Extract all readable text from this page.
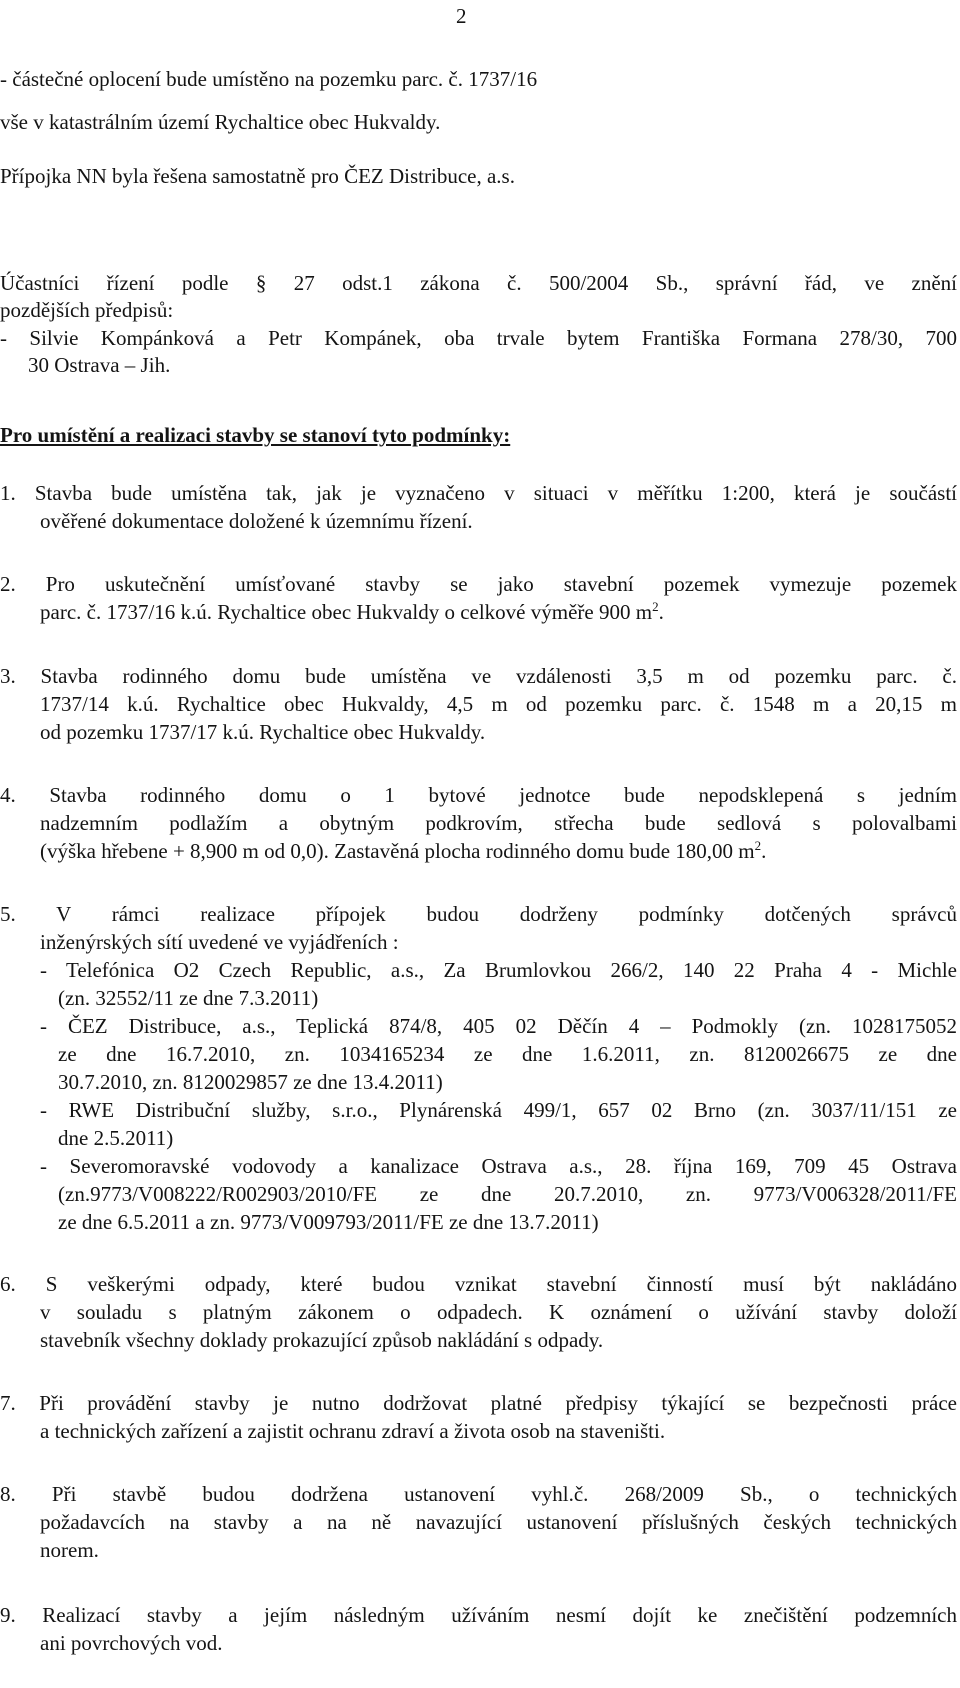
2
- částečné oplocení bude umístěno na pozemku parc. č. 1737/16
vše v katastrálním území Rychaltice obec Hukvaldy.
Přípojka NN byla řešena samostatně pro ČEZ Distribuce, a.s.
Účastníci řízení podle § 27 odst.1 zákona č. 500/2004 Sb., správní řád, ve znění
pozdějších předpisů:
- Silvie Kompánková a Petr Kompánek, oba trvale bytem Františka Formana 278/30, 700
30 Ostrava – Jih.
Pro umístění a realizaci stavby se stanoví tyto podmínky:
1. Stavba bude umístěna tak, jak je vyznačeno v situaci v měřítku 1:200, která je součástí
ověřené dokumentace doložené k územnímu řízení.
2. Pro uskutečnění umísťované stavby se jako stavební pozemek vymezuje pozemek
parc. č. 1737/16 k.ú. Rychaltice obec Hukvaldy o celkové výměře 900 $m^2$.
3. Stavba rodinného domu bude umístěna ve vzdálenosti 3,5 m od pozemku parc. č.
1737/14 k.ú. Rychaltice obec Hukvaldy, 4,5 m od pozemku parc. č. 1548 m a 20,15 m
od pozemku 1737/17 k.ú. Rychaltice obec Hukvaldy.
4. Stavba rodinného domu o 1 bytové jednotce bude nepodsklepená s jedním
nadzemním podlažím a obytným podkrovím, střecha bude sedlová s polovalbami
(výška hřebene + 8,900 m od 0,0). Zastavěná plocha rodinného domu bude 180,00 $m^2$.
5. V rámci realizace přípojek budou dodrženy podmínky dotčených správců
inženýrských sítí uvedené ve vyjádřeních :
- Telefónica O2 Czech Republic, a.s., Za Brumlovkou 266/2, 140 22 Praha 4 - Michle
(zn. 32552/11 ze dne 7.3.2011)
- ČEZ Distribuce, a.s., Teplická 874/8, 405 02 Děčín 4 – Podmokly (zn. 1028175052
ze dne 16.7.2010, zn. 1034165234 ze dne 1.6.2011, zn. 8120026675 ze dne
30.7.2010, zn. 8120029857 ze dne 13.4.2011)
- RWE Distribuční služby, s.r.o., Plynárenská 499/1, 657 02 Brno (zn. 3037/11/151 ze
dne 2.5.2011)
- Severomoravské vodovody a kanalizace Ostrava a.s., 28. října 169, 709 45 Ostrava
(zn.9773/V008222/R002903/2010/FE ze dne 20.7.2010, zn. 9773/V006328/2011/FE
ze dne 6.5.2011 a zn. 9773/V009793/2011/FE ze dne 13.7.2011)
6. S veškerými odpady, které budou vznikat stavební činností musí být nakládáno
v souladu s platným zákonem o odpadech. K oznámení o užívání stavby doloží
stavebník všechny doklady prokazující způsob nakládání s odpady.
7. Při provádění stavby je nutno dodržovat platné předpisy týkající se bezpečnosti práce
a technických zařízení a zajistit ochranu zdraví a života osob na staveništi.
8. Při stavbě budou dodržena ustanovení vyhl.č. 268/2009 Sb., o technických
požadavcích na stavby a na ně navazující ustanovení příslušných českých technických
norem.
9. Realizací stavby a jejím následným užíváním nesmí dojít ke znečištění podzemních
ani povrchových vod.
